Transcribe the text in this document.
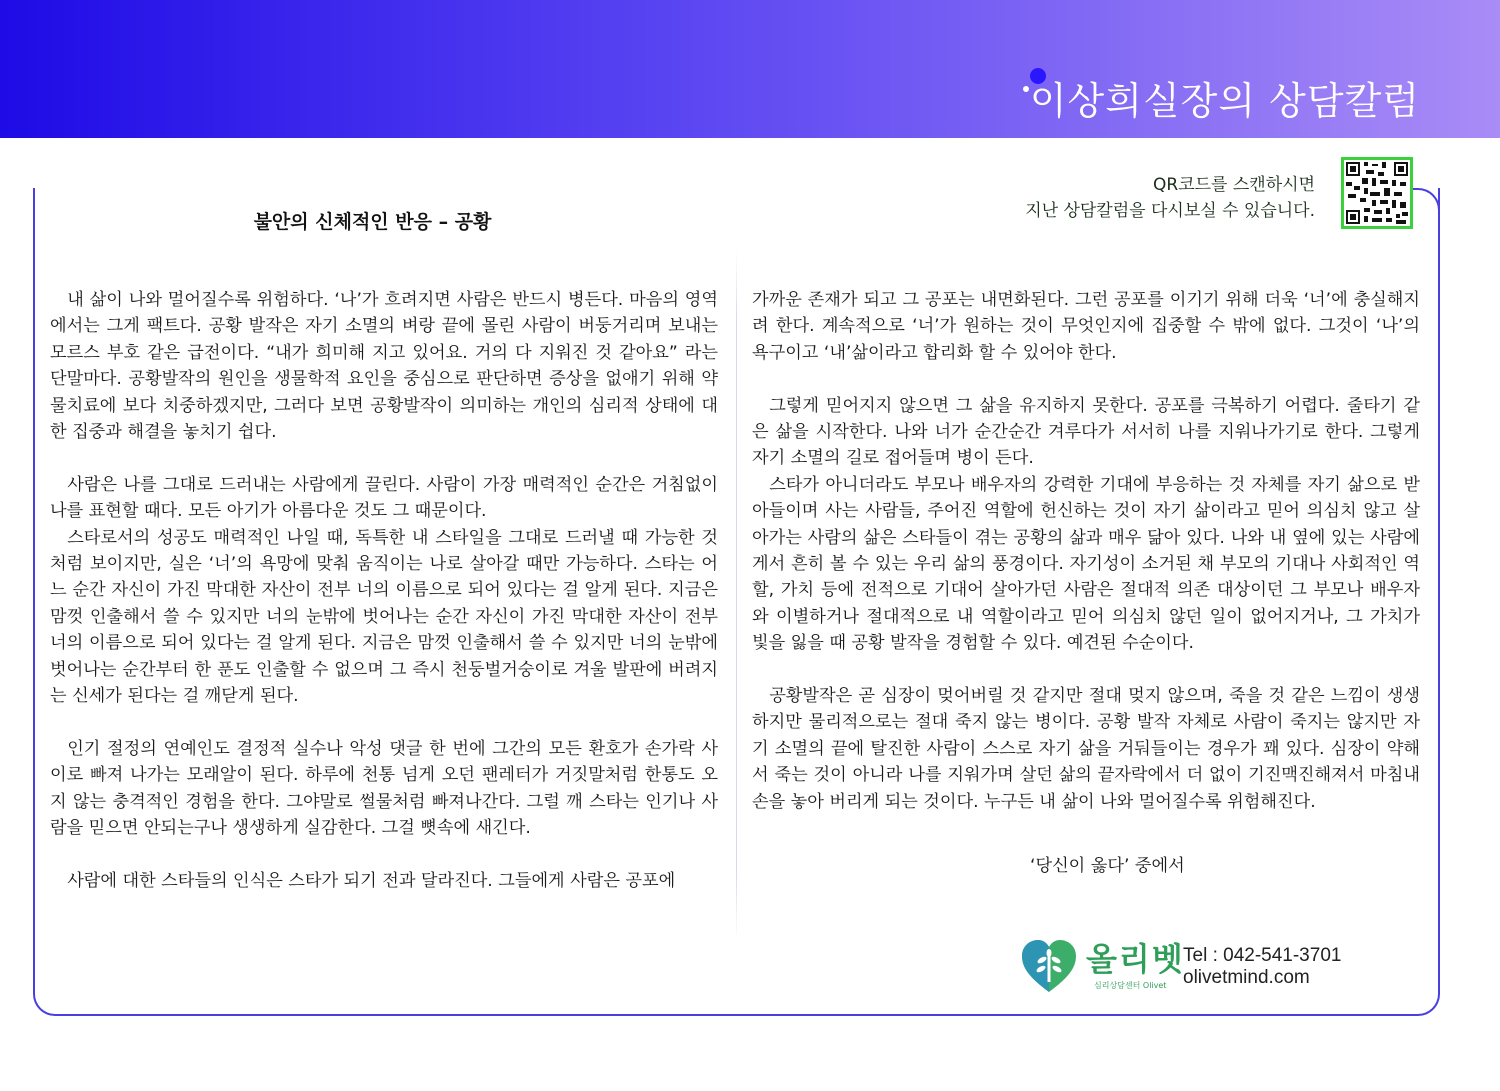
이상희실장의 상담칼럼
불안의 신체적인 반응 – 공황
QR코드를 스캔하시면
지난 상담칼럼을 다시보실 수 있습니다.

내 삶이 나와 멀어질수록 위험하다. ‘나’가 흐려지면 사람은 반드시 병든다. 마음의 영역에서는 그게 팩트다. 공황 발작은 자기 소멸의 벼랑 끝에 몰린 사람이 버둥거리며 보내는 모르스 부호 같은 급전이다. “내가 희미해 지고 있어요. 거의 다 지워진 것 같아요” 라는 단말마다. 공황발작의 원인을 생물학적 요인을 중심으로 판단하면 증상을 없애기 위해 약물치료에 보다 치중하겠지만, 그러다 보면 공황발작이 의미하는 개인의 심리적 상태에 대한 집중과 해결을 놓치기 쉽다.

사람은 나를 그대로 드러내는 사람에게 끌린다. 사람이 가장 매력적인 순간은 거침없이 나를 표현할 때다. 모든 아기가 아름다운 것도 그 때문이다.

스타로서의 성공도 매력적인 나일 때, 독특한 내 스타일을 그대로 드러낼 때 가능한 것처럼 보이지만, 실은 ‘너’의 욕망에 맞춰 움직이는 나로 살아갈 때만 가능하다. 스타는 어느 순간 자신이 가진 막대한 자산이 전부 너의 이름으로 되어 있다는 걸 알게 된다. 지금은 맘껏 인출해서 쓸 수 있지만 너의 눈밖에 벗어나는 순간 자신이 가진 막대한 자산이 전부 너의 이름으로 되어 있다는 걸 알게 된다. 지금은 맘껏 인출해서 쓸 수 있지만 너의 눈밖에 벗어나는 순간부터 한 푼도 인출할 수 없으며 그 즉시 천둥벌거숭이로 겨울 발판에 버려지는 신세가 된다는 걸 깨닫게 된다.

인기 절정의 연예인도 결정적 실수나 악성 댓글 한 번에 그간의 모든 환호가 손가락 사이로 빠져 나가는 모래알이 된다. 하루에 천통 넘게 오던 팬레터가 거짓말처럼 한통도 오지 않는 충격적인 경험을 한다. 그야말로 썰물처럼 빠져나간다. 그럴 깨 스타는 인기나 사람을 믿으면 안되는구나 생생하게 실감한다. 그걸 뼛속에 새긴다.

사람에 대한 스타들의 인식은 스타가 되기 전과 달라진다. 그들에게 사람은 공포에

가까운 존재가 되고 그 공포는 내면화된다. 그런 공포를 이기기 위해 더욱 ‘너’에 충실해지려 한다. 계속적으로 ‘너’가 원하는 것이 무엇인지에 집중할 수 밖에 없다. 그것이 ‘나’의 욕구이고 ‘내’삶이라고 합리화 할 수 있어야 한다.

그렇게 믿어지지 않으면 그 삶을 유지하지 못한다. 공포를 극복하기 어렵다. 줄타기 같은 삶을 시작한다. 나와 너가 순간순간 겨루다가 서서히 나를 지워나가기로 한다. 그렇게 자기 소멸의 길로 접어들며 병이 든다.

스타가 아니더라도 부모나 배우자의 강력한 기대에 부응하는 것 자체를 자기 삶으로 받아들이며 사는 사람들, 주어진 역할에 헌신하는 것이 자기 삶이라고 믿어 의심치 않고 살아가는 사람의 삶은 스타들이 겪는 공황의 삶과 매우 닮아 있다. 나와 내 옆에 있는 사람에게서 흔히 볼 수 있는 우리 삶의 풍경이다. 자기성이 소거된 채 부모의 기대나 사회적인 역할, 가치 등에 전적으로 기대어 살아가던 사람은 절대적 의존 대상이던 그 부모나 배우자와 이별하거나 절대적으로 내 역할이라고 믿어 의심치 않던 일이 없어지거나, 그 가치가 빛을 잃을 때 공황 발작을 경험할 수 있다. 예견된 수순이다.

공황발작은 곧 심장이 멎어버릴 것 같지만 절대 멎지 않으며, 죽을 것 같은 느낌이 생생하지만 물리적으로는 절대 죽지 않는 병이다. 공황 발작 자체로 사람이 죽지는 않지만 자기 소멸의 끝에 탈진한 사람이 스스로 자기 삶을 거둬들이는 경우가 꽤 있다. 심장이 약해서 죽는 것이 아니라 나를 지워가며 살던 삶의 끝자락에서 더 없이 기진맥진해져서 마침내 손을 놓아 버리게 되는 것이다. 누구든 내 삶이 나와 멀어질수록 위험해진다.

‘당신이 옳다’ 중에서
올리벳
심리상담센터 Olivet
Tel : 042-541-3701
olivetmind.com
